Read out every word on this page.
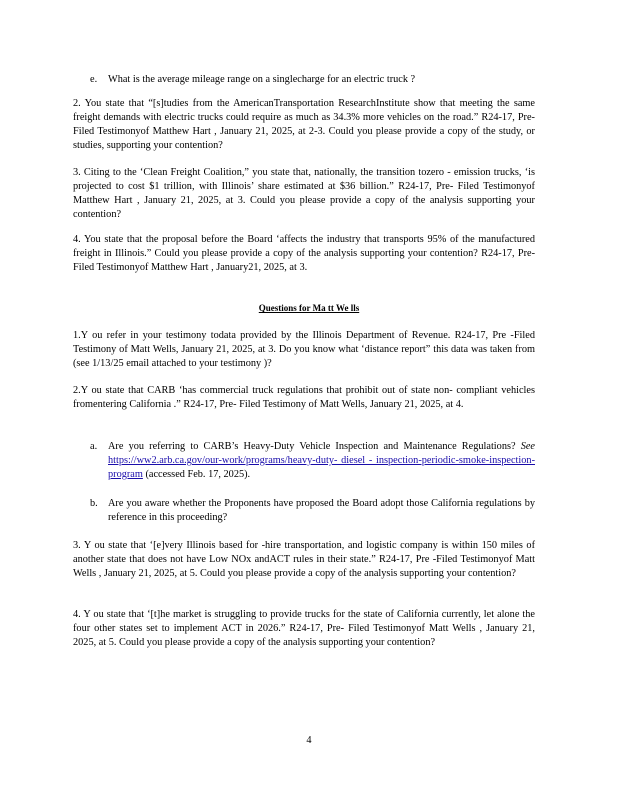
e. What is the average mileage range on a singlecharge for an electric truck ?

2. You state that “[s]tudies from the AmericanTransportation ResearchInstitute show that meeting the same freight demands with electric trucks could require as much as 34.3% more vehicles on the road.” R24-17, Pre- Filed Testimonyof Matthew Hart , January 21, 2025, at 2-3. Could you please provide a copy of the study, or studies, supporting your contention?

3. Citing to the ‘Clean Freight Coalition,” you state that, nationally, the transition tozero - emission trucks, ‘is projected to cost $1 trillion, with Illinois’ share estimated at $36 billion.” R24-17, Pre- Filed Testimonyof Matthew Hart , January 21, 2025, at 3. Could you please provide a copy of the analysis supporting your contention?

4. You state that the proposal before the Board ‘affects the industry that transports 95% of the manufactured freight in Illinois.” Could you please provide a copy of the analysis supporting your contention? R24-17, Pre- Filed Testimonyof Matthew Hart , January21, 2025, at 3.

Questions for Ma tt We lls

1.Y ou refer in your testimony todata provided by the Illinois Department of Revenue. R24-17, Pre -Filed Testimony of Matt Wells, January 21, 2025, at 3. Do you know what ‘distance report” this data was taken from (see 1/13/25 email attached to your testimony )?

2.Y ou state that CARB ‘has commercial truck regulations that prohibit out of state non- compliant vehicles fromentering California .” R24-17, Pre- Filed Testimony of Matt Wells, January 21, 2025, at 4.

a. Are you referring to CARB’s Heavy-Duty Vehicle Inspection and Maintenance Regulations? See https://ww2.arb.ca.gov/our-work/programs/heavy-duty- diesel - inspection-periodic-smoke-inspection- program (accessed Feb. 17, 2025).

b. Are you aware whether the Proponents have proposed the Board adopt those California regulations by reference in this proceeding?

3. Y ou state that ‘[e]very Illinois based for -hire transportation, and logistic company is within 150 miles of another state that does not have Low NOx andACT rules in their state.” R24-17, Pre -Filed Testimonyof Matt Wells , January 21, 2025, at 5. Could you please provide a copy of the analysis supporting your contention?

4. Y ou state that ‘[t]he market is struggling to provide trucks for the state of California currently, let alone the four other states set to implement ACT in 2026.” R24-17, Pre- Filed Testimonyof Matt Wells , January 21, 2025, at 5. Could you please provide a copy of the analysis supporting your contention?

4
